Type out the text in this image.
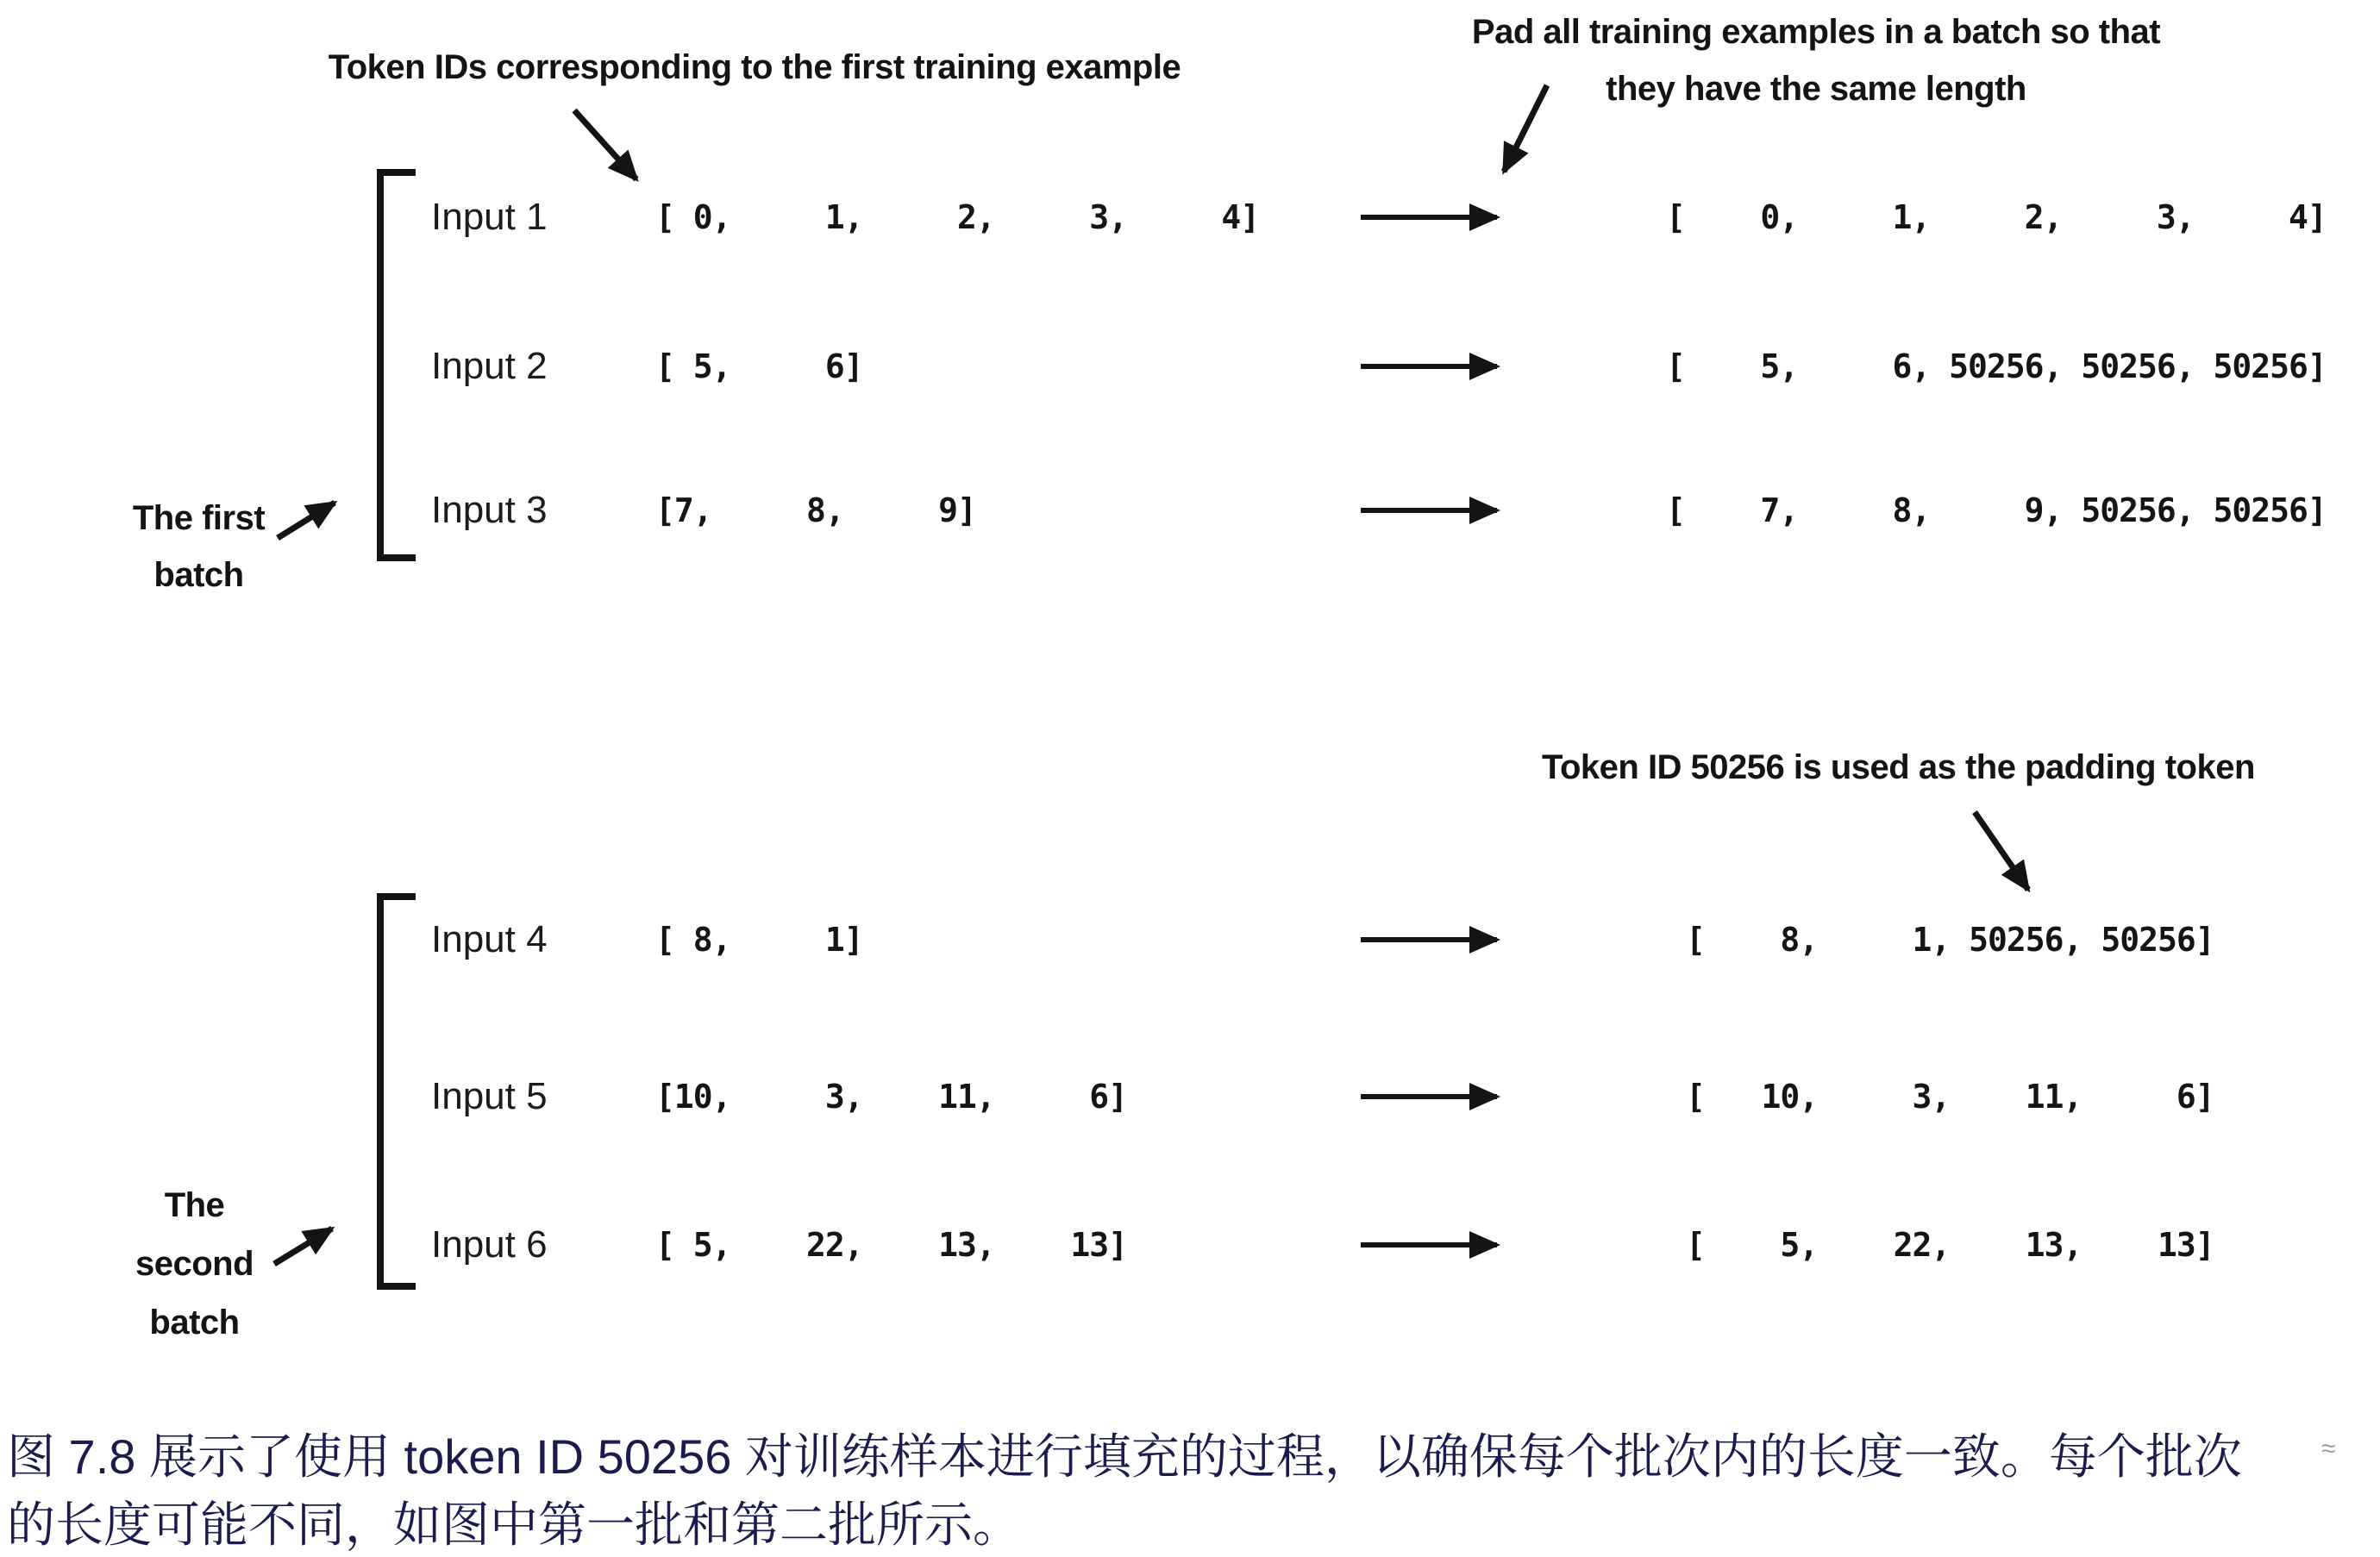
Token IDs corresponding to the first training example
Pad all training examples in a batch so that
they have the same length
Token ID 50256 is used as the padding token
The first
batch
The
second
batch
Input 1	[ 0,     1,     2,     3,     4]	[    0,     1,     2,     3,     4]
Input 2	[ 5,     6]	[    5,     6, 50256, 50256, 50256]
Input 3	[7,     8,     9]	[    7,     8,     9, 50256, 50256]
Input 4	[ 8,     1]	[    8,     1, 50256, 50256]
Input 5	[10,     3,    11,     6]	[   10,     3,    11,     6]
Input 6	[ 5,    22,    13,    13]	[    5,    22,    13,    13]
图 7.8 展示了使用 token ID 50256 对训练样本进行填充的过程，以确保每个批次内的长度一致。每个批次
的长度可能不同，如图中第一批和第二批所示。
≈
